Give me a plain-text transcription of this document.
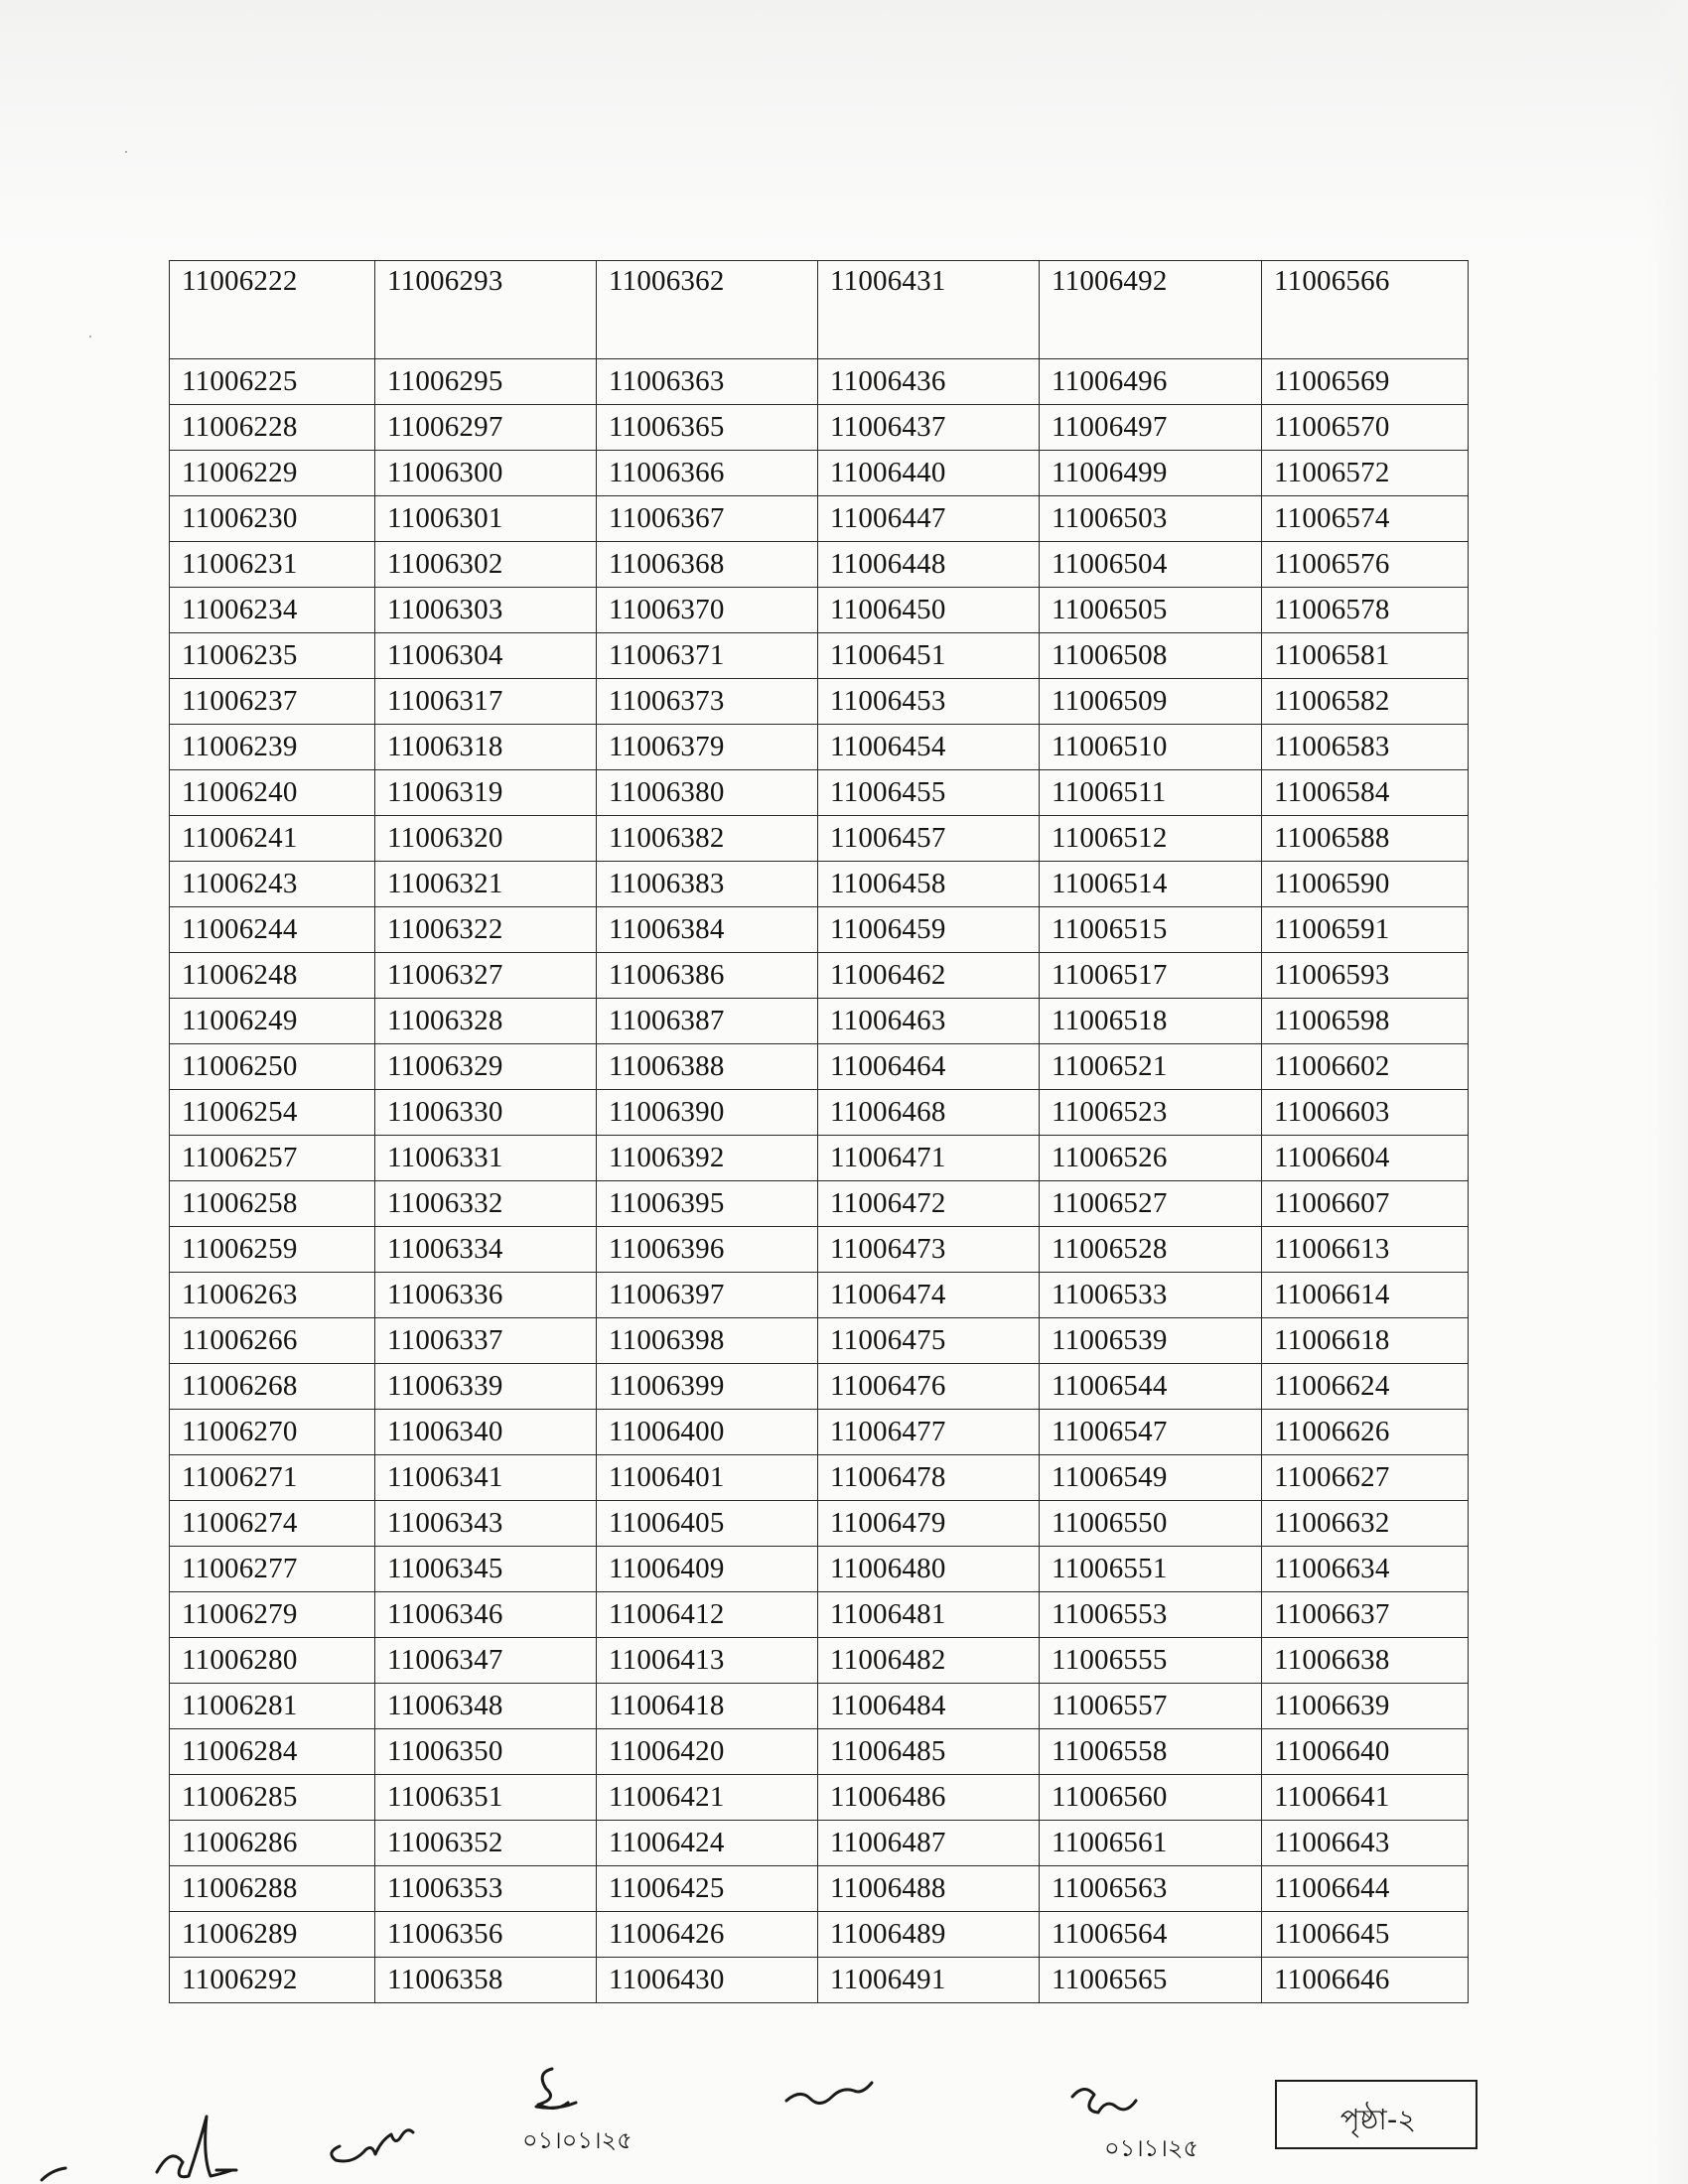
11006222	11006293	11006362	11006431	11006492	11006566
11006225	11006295	11006363	11006436	11006496	11006569
11006228	11006297	11006365	11006437	11006497	11006570
11006229	11006300	11006366	11006440	11006499	11006572
11006230	11006301	11006367	11006447	11006503	11006574
11006231	11006302	11006368	11006448	11006504	11006576
11006234	11006303	11006370	11006450	11006505	11006578
11006235	11006304	11006371	11006451	11006508	11006581
11006237	11006317	11006373	11006453	11006509	11006582
11006239	11006318	11006379	11006454	11006510	11006583
11006240	11006319	11006380	11006455	11006511	11006584
11006241	11006320	11006382	11006457	11006512	11006588
11006243	11006321	11006383	11006458	11006514	11006590
11006244	11006322	11006384	11006459	11006515	11006591
11006248	11006327	11006386	11006462	11006517	11006593
11006249	11006328	11006387	11006463	11006518	11006598
11006250	11006329	11006388	11006464	11006521	11006602
11006254	11006330	11006390	11006468	11006523	11006603
11006257	11006331	11006392	11006471	11006526	11006604
11006258	11006332	11006395	11006472	11006527	11006607
11006259	11006334	11006396	11006473	11006528	11006613
11006263	11006336	11006397	11006474	11006533	11006614
11006266	11006337	11006398	11006475	11006539	11006618
11006268	11006339	11006399	11006476	11006544	11006624
11006270	11006340	11006400	11006477	11006547	11006626
11006271	11006341	11006401	11006478	11006549	11006627
11006274	11006343	11006405	11006479	11006550	11006632
11006277	11006345	11006409	11006480	11006551	11006634
11006279	11006346	11006412	11006481	11006553	11006637
11006280	11006347	11006413	11006482	11006555	11006638
11006281	11006348	11006418	11006484	11006557	11006639
11006284	11006350	11006420	11006485	11006558	11006640
11006285	11006351	11006421	11006486	11006560	11006641
11006286	11006352	11006424	11006487	11006561	11006643
11006288	11006353	11006425	11006488	11006563	11006644
11006289	11006356	11006426	11006489	11006564	11006645
11006292	11006358	11006430	11006491	11006565	11006646
০১।০১।২৫	০১।১।২৫
পৃষ্ঠা-২
